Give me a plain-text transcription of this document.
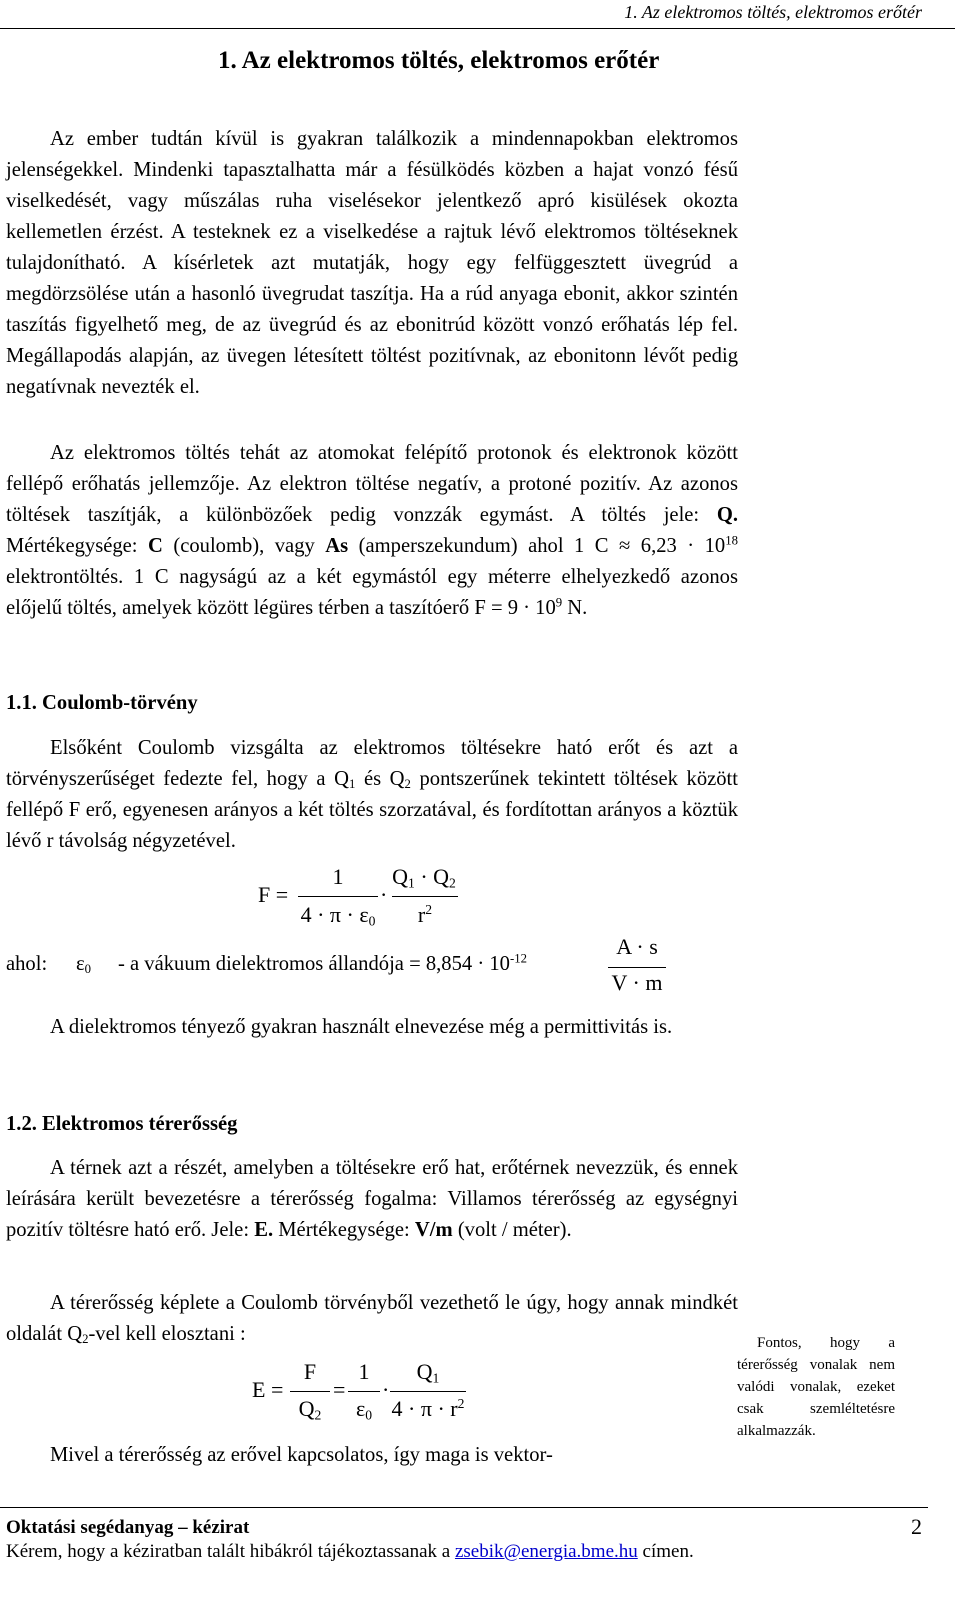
1. Az elektromos töltés, elektromos erőtér
1. Az elektromos töltés, elektromos erőtér

Az ember tudtán kívül is gyakran találkozik a mindennapokban elektromos jelenségekkel. Mindenki tapasztalhatta már a fésülködés közben a hajat vonzó fésű viselkedését, vagy műszálas ruha viselésekor jelentkező apró kisülések okozta kellemetlen érzést. A testeknek ez a viselkedése a rajtuk lévő elektromos töltéseknek tulajdonítható. A kísérletek azt mutatják, hogy egy felfüggesztett üvegrúd a megdörzsölése után a hasonló üvegrudat taszítja. Ha a rúd anyaga ebonit, akkor szintén taszítás figyelhető meg, de az üvegrúd és az ebonitrúd között vonzó erőhatás lép fel. Megállapodás alapján, az üvegen létesített töltést pozitívnak, az ebonitonn lévőt pedig negatívnak nevezték el.

Az elektromos töltés tehát az atomokat felépítő protonok és elektronok között fellépő erőhatás jellemzője. Az elektron töltése negatív, a protoné pozitív. Az azonos töltések taszítják, a különbözőek pedig vonzzák egymást. A töltés jele: Q. Mértékegysége: C (coulomb), vagy As (amperszekundum) ahol 1 $C \approx 6,23 \cdot 10^{18}$ elektrontöltés. 1 C nagyságú az a két egymástól egy méterre elhelyezkedő azonos előjelű töltés, amelyek között légüres térben a taszítóerő $F = 9 \cdot 10^9$ N.

1.1. Coulomb-törvény

Elsőként Coulomb vizsgálta az elektromos töltésekre ható erőt és azt a törvényszerűséget fedezte fel, hogy a $Q_1$ és $Q_2$ pontszerűnek tekintett töltések között fellépő F erő, egyenesen arányos a két töltés szorzatával, és fordítottan arányos a köztük lévő r távolság négyzetével.

F =
1
$4 \cdot \pi \cdot \varepsilon_0$
·
$Q_1 \cdot Q_2$
$r^2$
ahol: $\varepsilon_0$ - a vákuum dielektromos állandója = $8,854 \cdot 10^{-12}$	A · s
V · m

A dielektromos tényező gyakran használt elnevezése még a permittivitás is.

1.2. Elektromos térerősség

A térnek azt a részét, amelyben a töltésekre erő hat, erőtérnek nevezzük, és ennek leírására került bevezetésre a térerősség fogalma: Villamos térerősség az egységnyi pozitív töltésre ható erő. Jele: E. Mértékegysége: V/m (volt / méter).

A térerősség képlete a Coulomb törvényből vezethető le úgy, hogy annak mindkét oldalát $Q_2$-vel kell elosztani :

E =
F
$Q_2$
=
1
$\varepsilon_0$
·
$Q_1$
$4 \cdot \pi \cdot r^2$

Mivel a térerősség az erővel kapcsolatos, így maga is vektor-

Fontos, hogy a térerősség vonalak nem valódi vonalak, ezeket csak szemléltetésre alkalmazzák.
Oktatási segédanyag – kézirat	2
Kérem, hogy a kéziratban talált hibákról tájékoztassanak a zsebik@energia.bme.hu címen.
